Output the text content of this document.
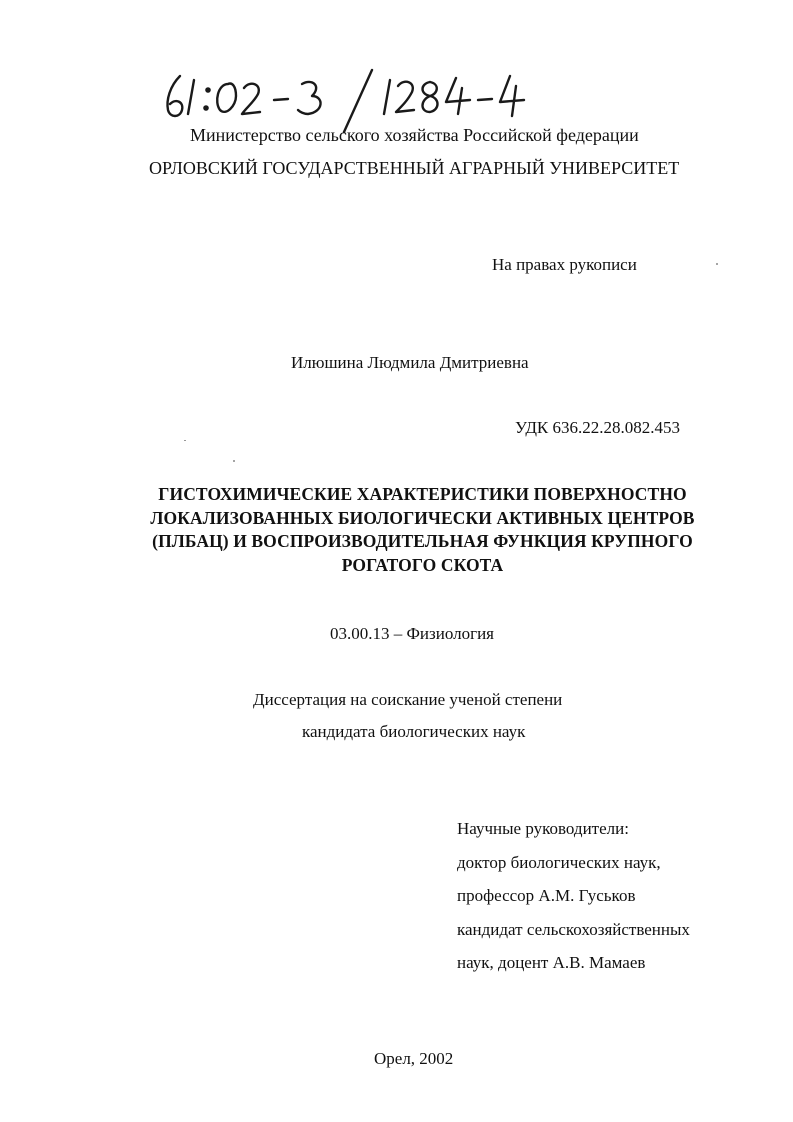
Министерство сельского хозяйства Российской федерации
ОРЛОВСКИЙ ГОСУДАРСТВЕННЫЙ АГРАРНЫЙ УНИВЕРСИТЕТ
На правах рукописи
Илюшина Людмила Дмитриевна
УДК 636.22.28.082.453
ГИСТОХИМИЧЕСКИЕ ХАРАКТЕРИСТИКИ ПОВЕРХНОСТНО
ЛОКАЛИЗОВАННЫХ БИОЛОГИЧЕСКИ АКТИВНЫХ ЦЕНТРОВ
(ПЛБАЦ) И ВОСПРОИЗВОДИТЕЛЬНАЯ ФУНКЦИЯ КРУПНОГО
РОГАТОГО СКОТА
03.00.13 – Физиология
Диссертация на соискание ученой степени
кандидата биологических наук
Научные руководители:
доктор биологических наук,
профессор А.М. Гуськов
кандидат сельскохозяйственных
наук, доцент А.В. Мамаев
Орел, 2002
